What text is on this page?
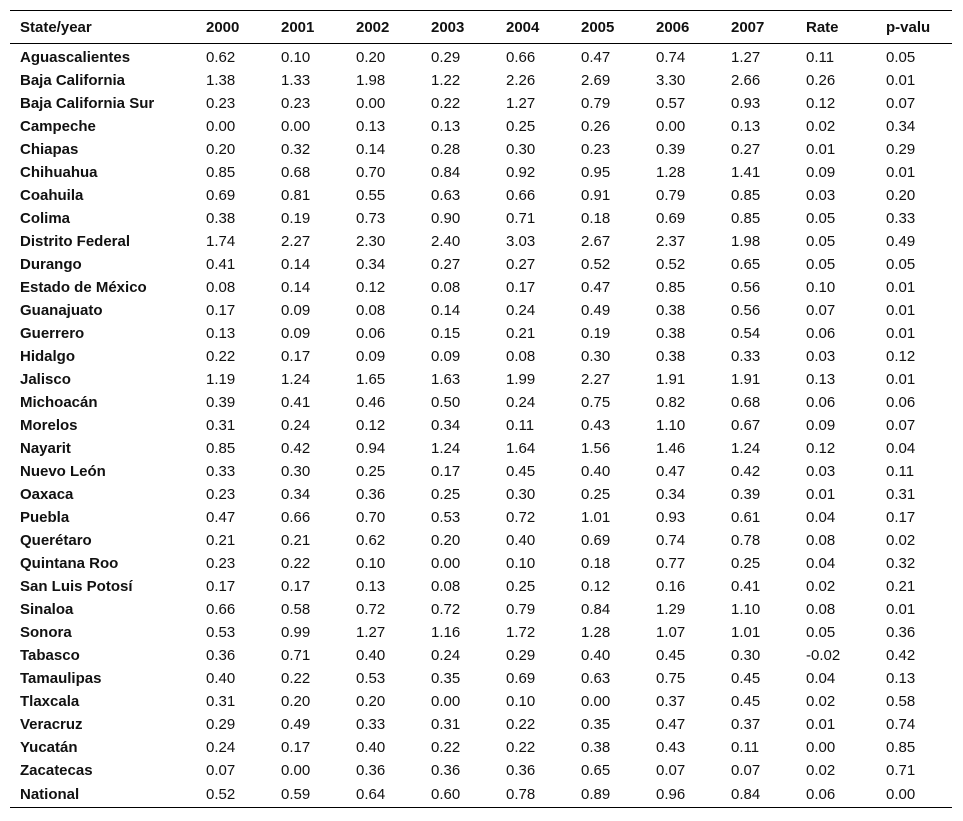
State/year	2000	2001	2002	2003	2004	2005	2006	2007	Rate	p-valu
Aguascalientes	0.62	0.10	0.20	0.29	0.66	0.47	0.74	1.27	0.11	0.05
Baja California	1.38	1.33	1.98	1.22	2.26	2.69	3.30	2.66	0.26	0.01
Baja California Sur	0.23	0.23	0.00	0.22	1.27	0.79	0.57	0.93	0.12	0.07
Campeche	0.00	0.00	0.13	0.13	0.25	0.26	0.00	0.13	0.02	0.34
Chiapas	0.20	0.32	0.14	0.28	0.30	0.23	0.39	0.27	0.01	0.29
Chihuahua	0.85	0.68	0.70	0.84	0.92	0.95	1.28	1.41	0.09	0.01
Coahuila	0.69	0.81	0.55	0.63	0.66	0.91	0.79	0.85	0.03	0.20
Colima	0.38	0.19	0.73	0.90	0.71	0.18	0.69	0.85	0.05	0.33
Distrito Federal	1.74	2.27	2.30	2.40	3.03	2.67	2.37	1.98	0.05	0.49
Durango	0.41	0.14	0.34	0.27	0.27	0.52	0.52	0.65	0.05	0.05
Estado de México	0.08	0.14	0.12	0.08	0.17	0.47	0.85	0.56	0.10	0.01
Guanajuato	0.17	0.09	0.08	0.14	0.24	0.49	0.38	0.56	0.07	0.01
Guerrero	0.13	0.09	0.06	0.15	0.21	0.19	0.38	0.54	0.06	0.01
Hidalgo	0.22	0.17	0.09	0.09	0.08	0.30	0.38	0.33	0.03	0.12
Jalisco	1.19	1.24	1.65	1.63	1.99	2.27	1.91	1.91	0.13	0.01
Michoacán	0.39	0.41	0.46	0.50	0.24	0.75	0.82	0.68	0.06	0.06
Morelos	0.31	0.24	0.12	0.34	0.11	0.43	1.10	0.67	0.09	0.07
Nayarit	0.85	0.42	0.94	1.24	1.64	1.56	1.46	1.24	0.12	0.04
Nuevo León	0.33	0.30	0.25	0.17	0.45	0.40	0.47	0.42	0.03	0.11
Oaxaca	0.23	0.34	0.36	0.25	0.30	0.25	0.34	0.39	0.01	0.31
Puebla	0.47	0.66	0.70	0.53	0.72	1.01	0.93	0.61	0.04	0.17
Querétaro	0.21	0.21	0.62	0.20	0.40	0.69	0.74	0.78	0.08	0.02
Quintana Roo	0.23	0.22	0.10	0.00	0.10	0.18	0.77	0.25	0.04	0.32
San Luis Potosí	0.17	0.17	0.13	0.08	0.25	0.12	0.16	0.41	0.02	0.21
Sinaloa	0.66	0.58	0.72	0.72	0.79	0.84	1.29	1.10	0.08	0.01
Sonora	0.53	0.99	1.27	1.16	1.72	1.28	1.07	1.01	0.05	0.36
Tabasco	0.36	0.71	0.40	0.24	0.29	0.40	0.45	0.30	-0.02	0.42
Tamaulipas	0.40	0.22	0.53	0.35	0.69	0.63	0.75	0.45	0.04	0.13
Tlaxcala	0.31	0.20	0.20	0.00	0.10	0.00	0.37	0.45	0.02	0.58
Veracruz	0.29	0.49	0.33	0.31	0.22	0.35	0.47	0.37	0.01	0.74
Yucatán	0.24	0.17	0.40	0.22	0.22	0.38	0.43	0.11	0.00	0.85
Zacatecas	0.07	0.00	0.36	0.36	0.36	0.65	0.07	0.07	0.02	0.71
National	0.52	0.59	0.64	0.60	0.78	0.89	0.96	0.84	0.06	0.00
